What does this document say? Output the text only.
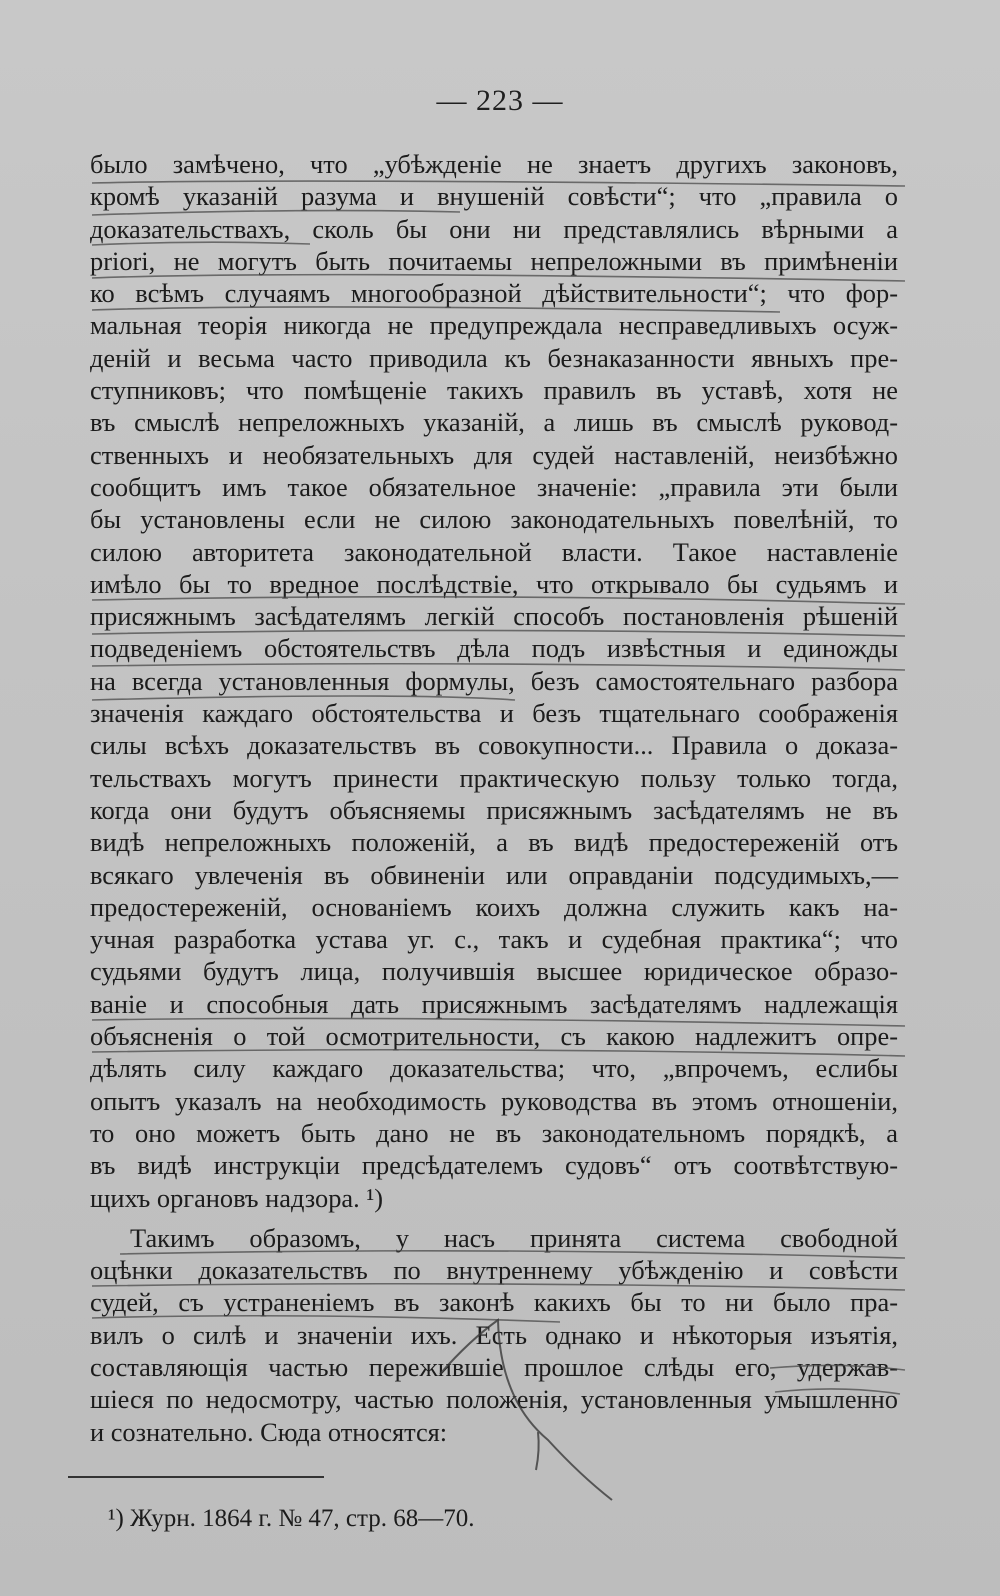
— 223 —
было замѣчено, что „убѣжденіе не знаетъ другихъ законовъ,
кромѣ указаній разума и внушеній совѣсти“; что „правила о
доказательствахъ, сколь бы они ни представлялись вѣрными a
priori, не могутъ быть почитаемы непреложными въ примѣненіи
ко всѣмъ случаямъ многообразной дѣйствительности“; что фор-
мальная теорія никогда не предупреждала несправедливыхъ осуж-
деній и весьма часто приводила къ безнаказанности явныхъ пре-
ступниковъ; что помѣщеніе такихъ правилъ въ уставѣ, хотя не
въ смыслѣ непреложныхъ указаній, а лишь въ смыслѣ руковод-
ственныхъ и необязательныхъ для судей наставленій, неизбѣжно
сообщитъ имъ такое обязательное значеніе: „правила эти были
бы установлены если не силою законодательныхъ повелѣній, то
силою авторитета законодательной власти. Такое наставленіе
имѣло бы то вредное послѣдствіе, что открывало бы судьямъ и
присяжнымъ засѣдателямъ легкій способъ постановленія рѣшеній
подведеніемъ обстоятельствъ дѣла подъ извѣстныя и единожды
на всегда установленныя формулы, безъ самостоятельнаго разбора
значенія каждаго обстоятельства и безъ тщательнаго соображенія
силы всѣхъ доказательствъ въ совокупности... Правила о доказа-
тельствахъ могутъ принести практическую пользу только тогда,
когда они будутъ объясняемы присяжнымъ засѣдателямъ не въ
видѣ непреложныхъ положеній, а въ видѣ предостереженій отъ
всякаго увлеченія въ обвиненіи или оправданіи подсудимыхъ,—
предостереженій, основаніемъ коихъ должна служить какъ на-
учная разработка устава уг. с., такъ и судебная практика“; что
судьями будутъ лица, получившія высшее юридическое образо-
ваніе и способныя дать присяжнымъ засѣдателямъ надлежащія
объясненія о той осмотрительности, съ какою надлежитъ опре-
дѣлять силу каждаго доказательства; что, „впрочемъ, еслибы
опытъ указалъ на необходимость руководства въ этомъ отношеніи,
то оно можетъ быть дано не въ законодательномъ порядкѣ, а
въ видѣ инструкціи предсѣдателемъ судовъ“ отъ соотвѣтствую-
щихъ органовъ надзора. ¹)
Такимъ образомъ, у насъ принята система свободной
оцѣнки доказательствъ по внутреннему убѣжденію и совѣсти
судей, съ устраненіемъ въ законѣ какихъ бы то ни было пра-
вилъ о силѣ и значеніи ихъ. Есть однако и нѣкоторыя изъятія,
составляющія частью пережившіе прошлое слѣды его, удержав-
шіеся по недосмотру, частью положенія, установленныя умышленно
и сознательно. Сюда относятся:
¹) Журн. 1864 г. № 47, стр. 68—70.
